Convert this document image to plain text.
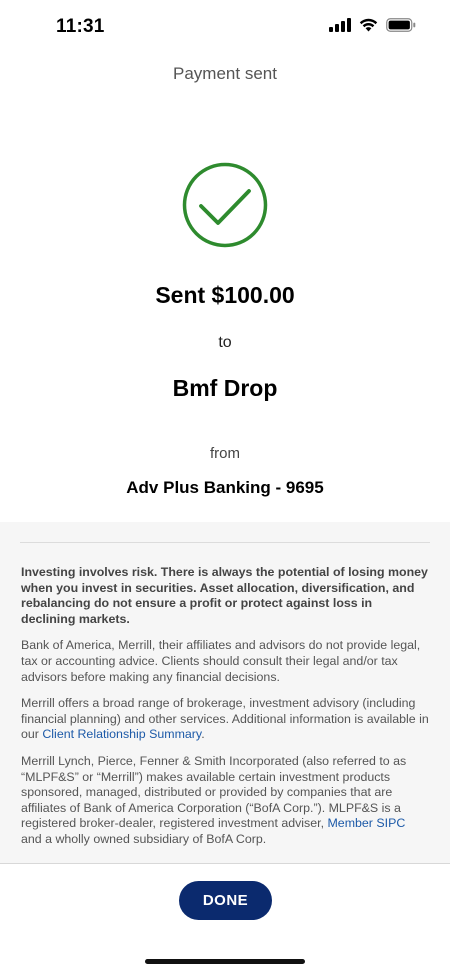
11:31
Payment sent
Sent $100.00
to
Bmf Drop
from
Adv Plus Banking - 9695

Investing involves risk. There is always the potential of losing money when you invest in securities. Asset allocation, diversification, and rebalancing do not ensure a profit or protect against loss in declining markets.

Bank of America, Merrill, their affiliates and advisors do not provide legal, tax or accounting advice. Clients should consult their legal and/or tax advisors before making any financial decisions.

Merrill offers a broad range of brokerage, investment advisory (including financial planning) and other services. Additional information is available in our Client Relationship Summary.

Merrill Lynch, Pierce, Fenner & Smith Incorporated (also referred to as “MLPF&S” or “Merrill”) makes available certain investment products sponsored, managed, distributed or provided by companies that are affiliates of Bank of America Corporation (“BofA Corp.”). MLPF&S is a registered broker-dealer, registered investment adviser, Member SIPC and a wholly owned subsidiary of BofA Corp.

DONE
